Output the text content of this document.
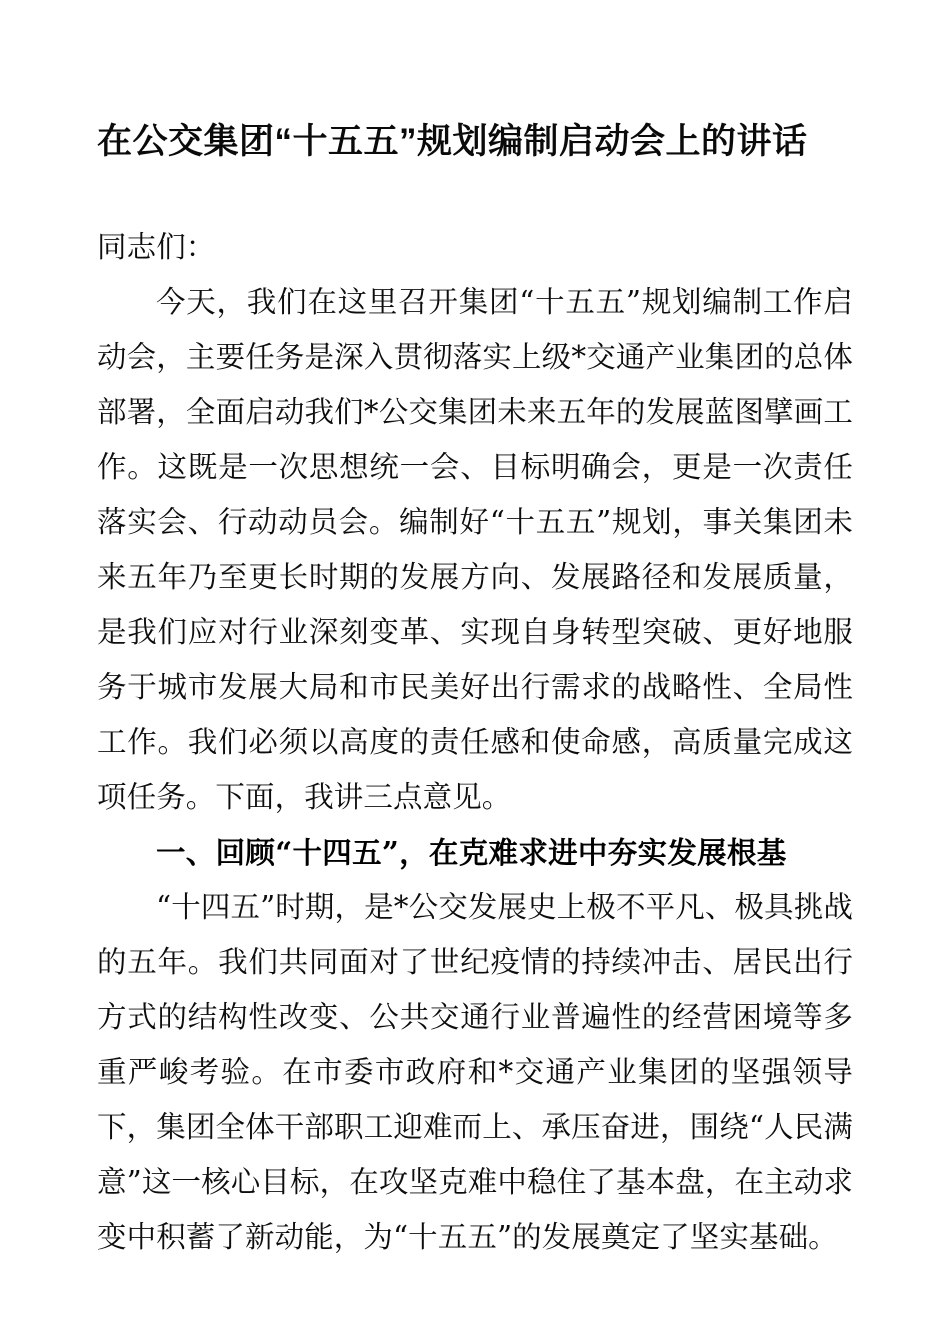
在公交集团“十五五”规划编制启动会上的讲话

同志们：

今天，我们在这里召开集团“十五五”规划编制工作启动会，主要任务是深入贯彻落实上级*交通产业集团的总体部署，全面启动我们*公交集团未来五年的发展蓝图擘画工作。这既是一次思想统一会、目标明确会，更是一次责任落实会、行动动员会。编制好“十五五”规划，事关集团未来五年乃至更长时期的发展方向、发展路径和发展质量，是我们应对行业深刻变革、实现自身转型突破、更好地服务于城市发展大局和市民美好出行需求的战略性、全局性工作。我们必须以高度的责任感和使命感，高质量完成这项任务。下面，我讲三点意见。

一、回顾“十四五”，在克难求进中夯实发展根基

“十四五”时期，是*公交发展史上极不平凡、极具挑战的五年。我们共同面对了世纪疫情的持续冲击、居民出行方式的结构性改变、公共交通行业普遍性的经营困境等多重严峻考验。在市委市政府和*交通产业集团的坚强领导下，集团全体干部职工迎难而上、承压奋进，围绕“人民满意”这一核心目标，在攻坚克难中稳住了基本盘，在主动求变中积蓄了新动能，为“十五五”的发展奠定了坚实基础。
